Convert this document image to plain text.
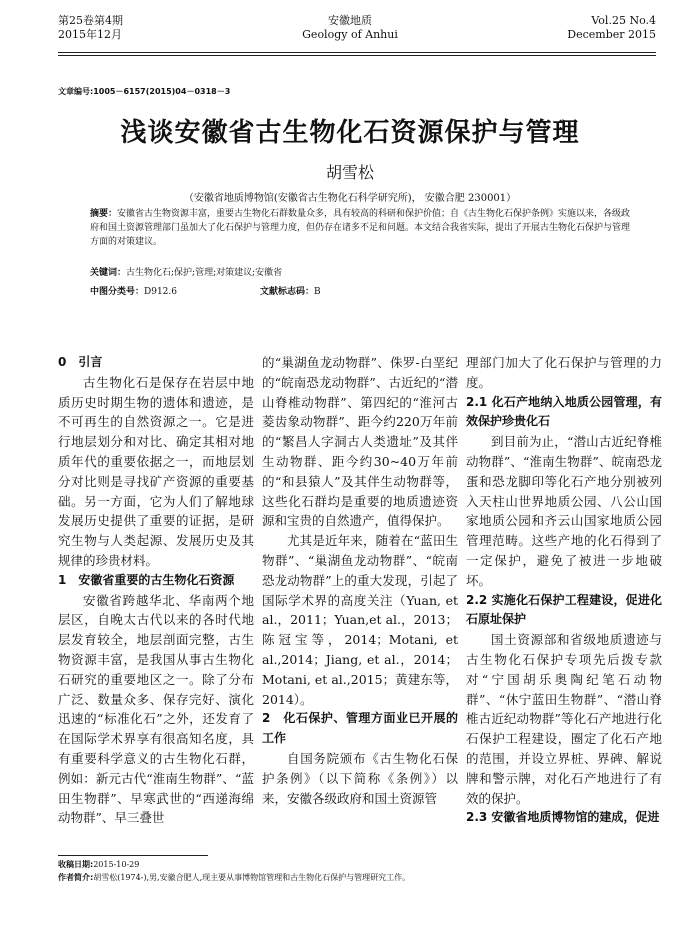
第25卷第4期
2015年12月
安徽地质
Geology of Anhui
Vol.25 No.4
December 2015
文章编号:1005－6157(2015)04－0318－3
浅谈安徽省古生物化石资源保护与管理
胡雪松
（安徽省地质博物馆(安徽省古生物化石科学研究所)， 安徽合肥 230001）
摘要：安徽省古生物资源丰富，重要古生物化石群数量众多，具有较高的科研和保护价值；自《古生物化石保护条例》实施以来，各级政府和国土资源管理部门虽加大了化石保护与管理力度，但仍存在诸多不足和问题。本文结合我省实际，提出了开展古生物化石保护与管理方面的对策建议。
关键词：古生物化石;保护;管理;对策建议;安徽省
中图分类号：D912.6	文献标志码：B

0　引言

古生物化石是保存在岩层中地质历史时期生物的遗体和遗迹，是不可再生的自然资源之一。它是进行地层划分和对比、确定其相对地质年代的重要依据之一，而地层划分对比则是寻找矿产资源的重要基础。另一方面，它为人们了解地球发展历史提供了重要的证据，是研究生物与人类起源、发展历史及其规律的珍贵材料。

1　安徽省重要的古生物化石资源

安徽省跨越华北、华南两个地层区，自晚太古代以来的各时代地层发育较全，地层剖面完整，古生物资源丰富，是我国从事古生物化石研究的重要地区之一。除了分布广泛、数量众多、保存完好、演化迅速的“标准化石”之外，还发育了在国际学术界享有很高知名度，具有重要科学意义的古生物化石群，例如：新元古代“淮南生物群”、“蓝田生物群”、早寒武世的“西递海绵动物群”、早三叠世

的“巢湖鱼龙动物群”、侏罗-白垩纪的“皖南恐龙动物群”、古近纪的“潜山脊椎动物群”、第四纪的“淮河古菱齿象动物群”、距今约220万年前的“繁昌人字洞古人类遗址”及其伴生动物群、距今约30~40万年前的“和县猿人”及其伴生动物群等，这些化石群均是重要的地质遗迹资源和宝贵的自然遗产，值得保护。

尤其是近年来，随着在“蓝田生物群”、“巢湖鱼龙动物群”、“皖南恐龙动物群”上的重大发现，引起了国际学术界的高度关注（Yuan, et al.，2011；Yuan,et al.，2013；陈冠宝等，2014；Motani, et al.,2014；Jiang, et al.，2014；Motani, et al.,2015；黄建东等，2014）。

2　化石保护、管理方面业已开展的工作

自国务院颁布《古生物化石保护条例》（以下简称《条例》）以来，安徽各级政府和国土资源管

理部门加大了化石保护与管理的力度。

2.1 化石产地纳入地质公园管理，有效保护珍贵化石

到目前为止，“潜山古近纪脊椎动物群”、“淮南生物群”、皖南恐龙蛋和恐龙脚印等化石产地分别被列入天柱山世界地质公园、八公山国家地质公园和齐云山国家地质公园管理范畴。这些产地的化石得到了一定保护，避免了被进一步地破坏。

2.2 实施化石保护工程建设，促进化石原址保护

国土资源部和省级地质遗迹与古生物化石保护专项先后拨专款对“宁国胡乐奥陶纪笔石动物群”、“休宁蓝田生物群”、“潜山脊椎古近纪动物群”等化石产地进行化石保护工程建设，圈定了化石产地的范围，并设立界桩、界碑、解说牌和警示牌，对化石产地进行了有效的保护。

2.3 安徽省地质博物馆的建成，促进

收稿日期:2015-10-29
作者简介:胡雪松(1974-),男,安徽合肥人,现主要从事博物馆管理和古生物化石保护与管理研究工作。
